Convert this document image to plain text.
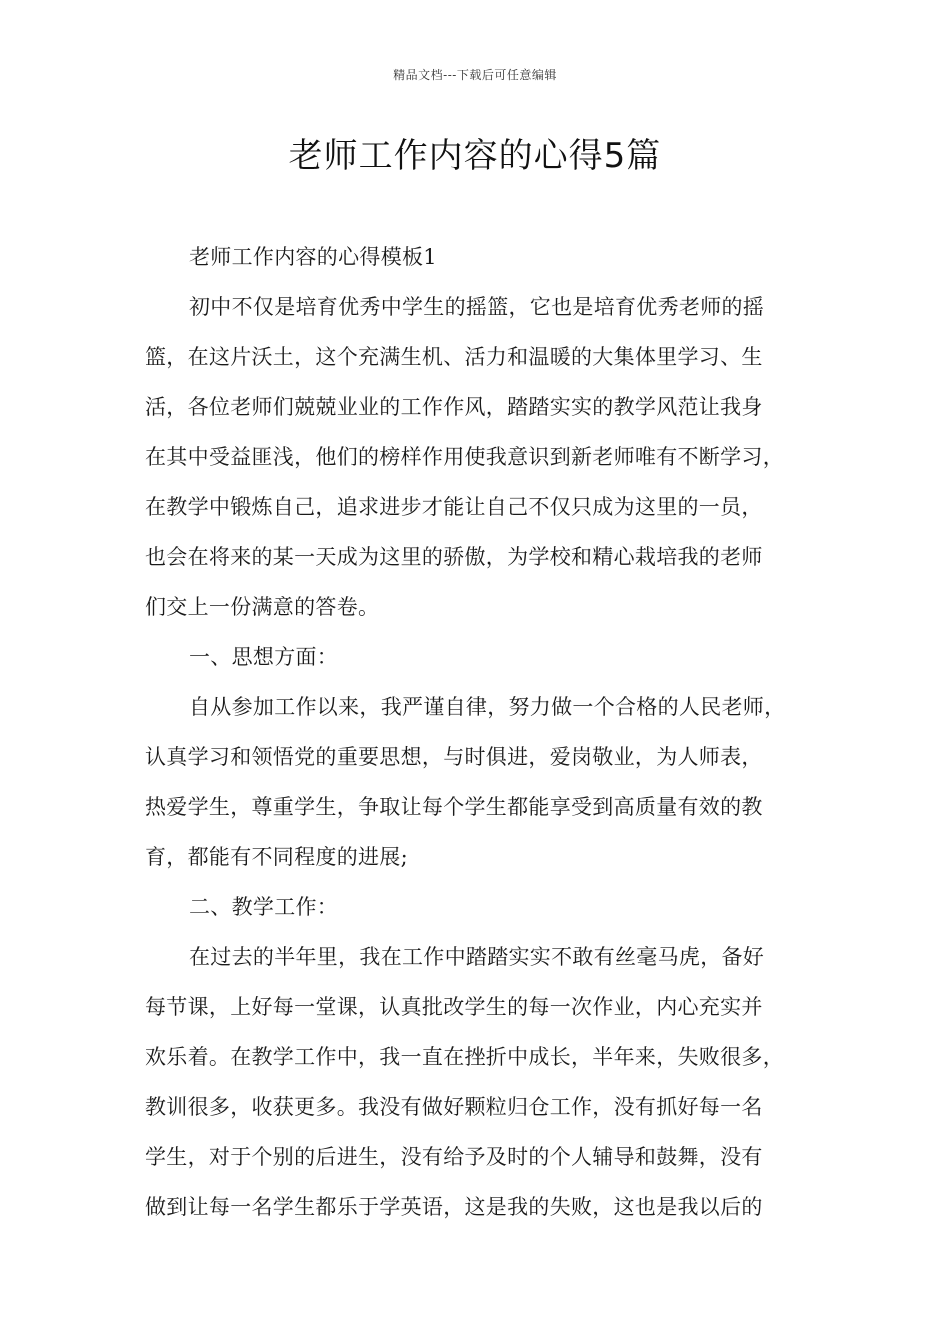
精品文档---下载后可任意编辑
老师工作内容的心得5篇

老师工作内容的心得模板1

初中不仅是培育优秀中学生的摇篮，它也是培育优秀老师的摇
篮，在这片沃土，这个充满生机、活力和温暖的大集体里学习、生
活，各位老师们兢兢业业的工作作风，踏踏实实的教学风范让我身
在其中受益匪浅，他们的榜样作用使我意识到新老师唯有不断学习，
在教学中锻炼自己，追求进步才能让自己不仅只成为这里的一员，
也会在将来的某一天成为这里的骄傲，为学校和精心栽培我的老师
们交上一份满意的答卷。

一、思想方面：

自从参加工作以来，我严谨自律，努力做一个合格的人民老师，
认真学习和领悟党的重要思想，与时俱进，爱岗敬业，为人师表，
热爱学生，尊重学生，争取让每个学生都能享受到高质量有效的教
育，都能有不同程度的进展;

二、教学工作：

在过去的半年里，我在工作中踏踏实实不敢有丝毫马虎，备好
每节课，上好每一堂课，认真批改学生的每一次作业，内心充实并
欢乐着。在教学工作中，我一直在挫折中成长，半年来，失败很多，
教训很多，收获更多。我没有做好颗粒归仓工作，没有抓好每一名
学生，对于个别的后进生，没有给予及时的个人辅导和鼓舞，没有
做到让每一名学生都乐于学英语，这是我的失败，这也是我以后的
